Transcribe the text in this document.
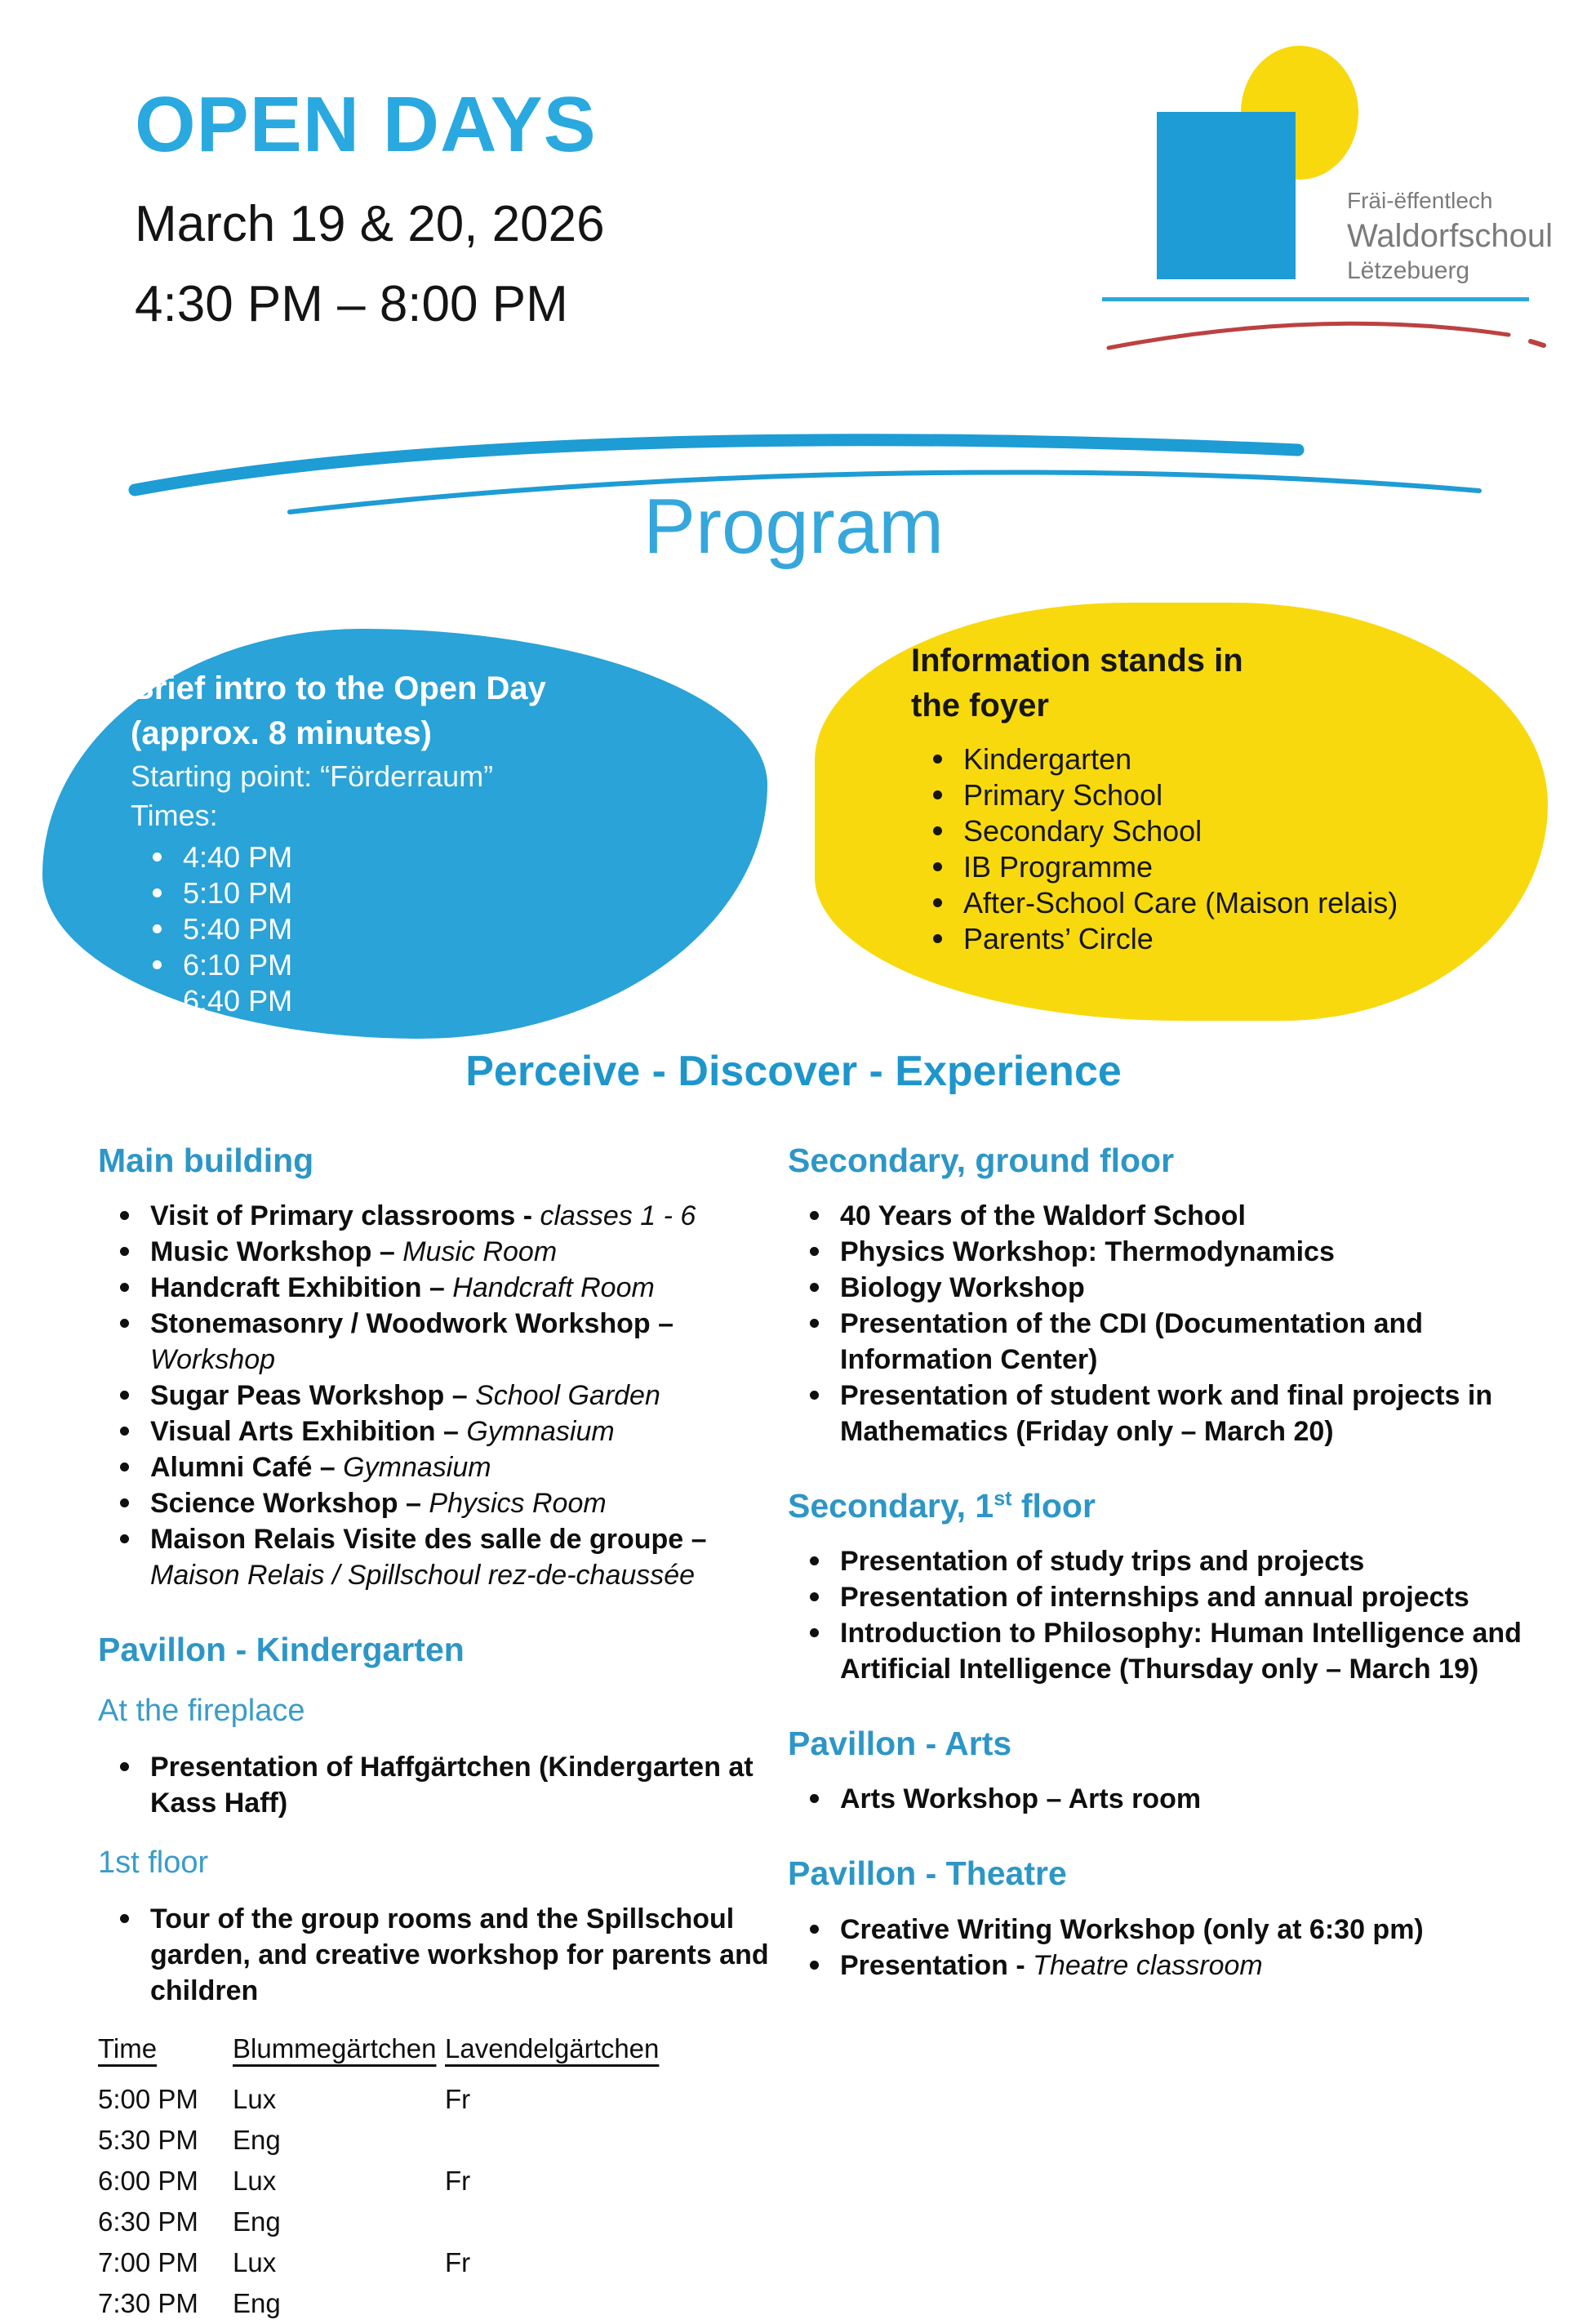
OPEN DAYS

March 19 & 20, 2026

4:30 PM – 8:00 PM

Fräi-ëffentlech
Waldorfschoul
Lëtzebuerg
Program
Brief intro to the Open Day
(approx. 8 minutes)
Starting point: “Förderraum”
Times:
4:40 PM
5:10 PM
5:40 PM
6:10 PM
6:40 PM
Information stands in
the foyer
Kindergarten
Primary School
Secondary School
IB Programme
After-School Care (Maison relais)
Parents’ Circle
Perceive - Discover - Experience
Main building
Visit of Primary classrooms - classes 1 - 6
Music Workshop – Music Room
Handcraft Exhibition – Handcraft Room
Stonemasonry / Woodwork Workshop – Workshop
Sugar Peas Workshop – School Garden
Visual Arts Exhibition – Gymnasium
Alumni Café – Gymnasium
Science Workshop – Physics Room
Maison Relais Visite des salle de groupe – Maison Relais / Spillschoul rez-de-chaussée
Pavillon - Kindergarten
At the fireplace
Presentation of Haffgärtchen (Kindergarten at Kass Haff)
1st floor
Tour of the group rooms and the Spillschoul garden, and creative workshop for parents and children
Time	Blummegärtchen	Lavendelgärtchen
5:00 PM	Lux	Fr
5:30 PM	Eng	
6:00 PM	Lux	Fr
6:30 PM	Eng	
7:00 PM	Lux	Fr
7:30 PM	Eng	
Secondary, ground floor
40 Years of the Waldorf School
Physics Workshop: Thermodynamics
Biology Workshop
Presentation of the CDI (Documentation and Information Center)
Presentation of student work and final projects in Mathematics (Friday only – March 20)
Secondary, 1st floor
Presentation of study trips and projects
Presentation of internships and annual projects
Introduction to Philosophy: Human Intelligence and Artificial Intelligence (Thursday only – March 19)
Pavillon - Arts
Arts Workshop – Arts room
Pavillon - Theatre
Creative Writing Workshop (only at 6:30 pm)
Presentation - Theatre classroom
